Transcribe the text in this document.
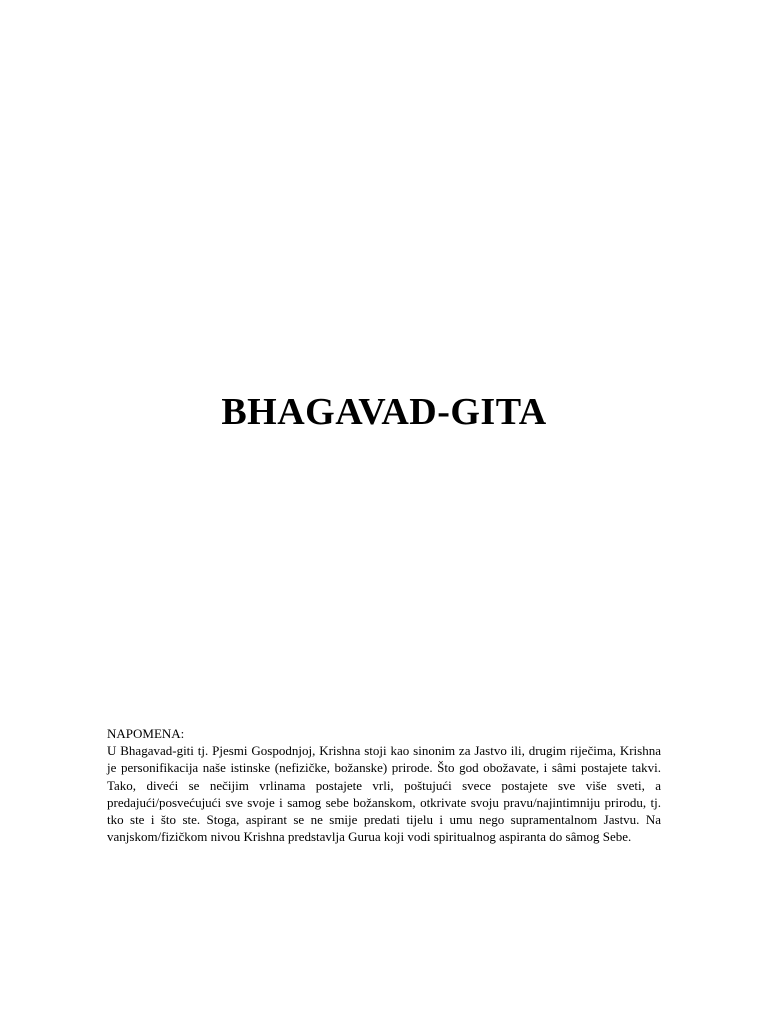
BHAGAVAD-GITA
NAPOMENA:
U Bhagavad-giti tj. Pjesmi Gospodnjoj, Krishna stoji kao sinonim za Jastvo ili, drugim riječima, Krishna je personifikacija naše istinske (nefizičke, božanske) prirode. Što god obožavate, i sâmi postajete takvi. Tako, diveći se nečijim vrlinama postajete vrli, poštujući svece postajete sve više sveti, a predajući/posvećujući sve svoje i samog sebe božanskom, otkrivate svoju pravu/najintimniju prirodu, tj. tko ste i što ste. Stoga, aspirant se ne smije predati tijelu i umu nego supramentalnom Jastvu. Na vanjskom/fizičkom nivou Krishna predstavlja Gurua koji vodi spiritualnog aspiranta do sâmog Sebe.
